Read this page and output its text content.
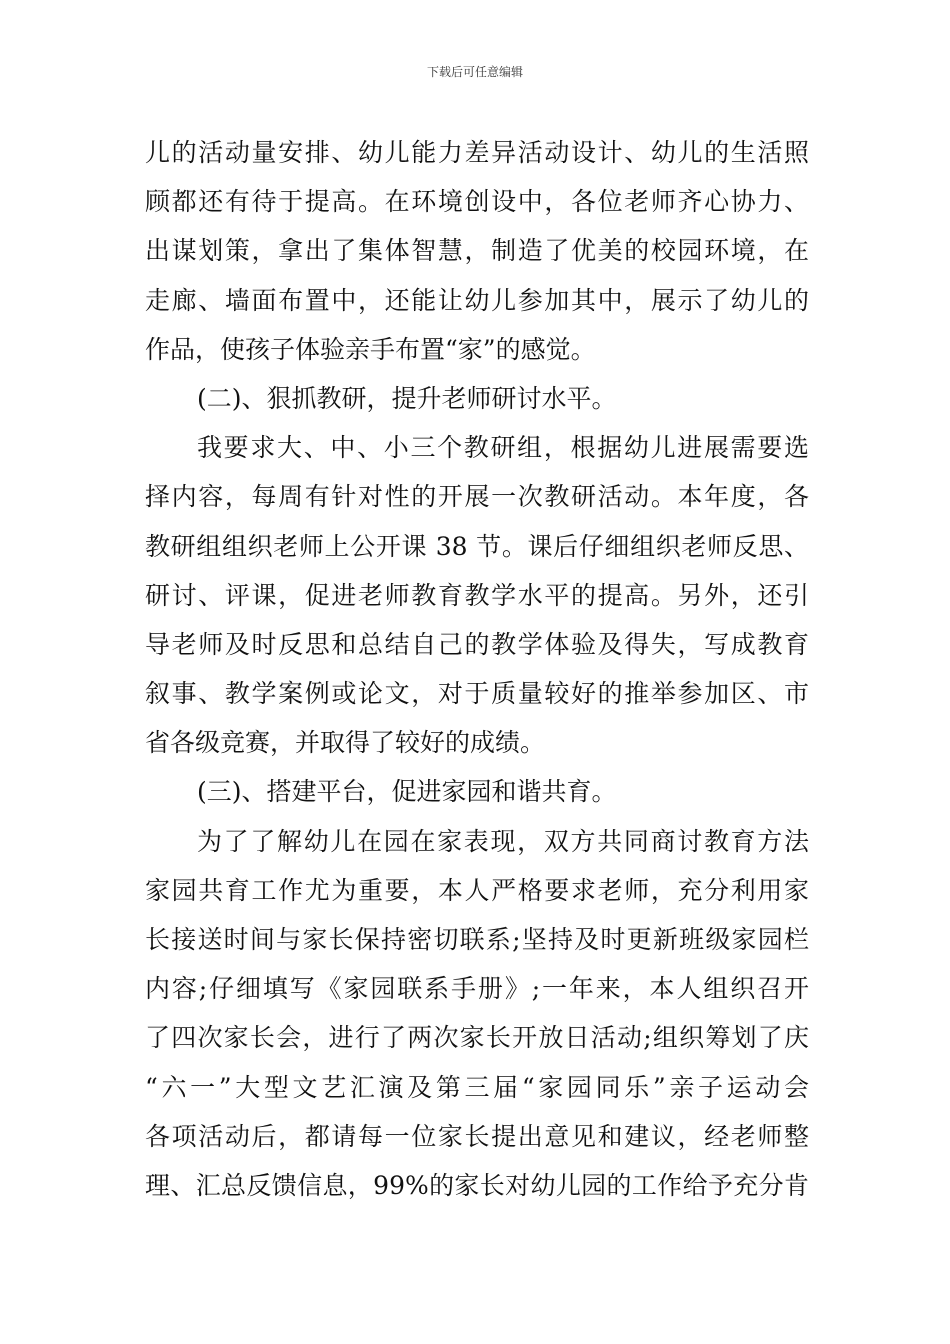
下载后可任意编辑
儿的活动量安排、幼儿能力差异活动设计、幼儿的生活照
顾都还有待于提高。在环境创设中，各位老师齐心协力、
出谋划策，拿出了集体智慧，制造了优美的校园环境，在
走廊、墙面布置中，还能让幼儿参加其中，展示了幼儿的
作品，使孩子体验亲手布置“家”的感觉。
(二)、狠抓教研，提升老师研讨水平。
我要求大、中、小三个教研组，根据幼儿进展需要选
择内容，每周有针对性的开展一次教研活动。本年度，各
教研组组织老师上公开课 38 节。课后仔细组织老师反思、
研讨、评课，促进老师教育教学水平的提高。另外，还引
导老师及时反思和总结自己的教学体验及得失，写成教育
叙事、教学案例或论文，对于质量较好的推举参加区、市
省各级竞赛，并取得了较好的成绩。
(三)、搭建平台，促进家园和谐共育。
为了了解幼儿在园在家表现，双方共同商讨教育方法
家园共育工作尤为重要，本人严格要求老师，充分利用家
长接送时间与家长保持密切联系;坚持及时更新班级家园栏
内容;仔细填写《家园联系手册》;一年来，本人组织召开
了四次家长会，进行了两次家长开放日活动;组织筹划了庆
“六一”大型文艺汇演及第三届“家园同乐”亲子运动会
各项活动后，都请每一位家长提出意见和建议，经老师整
理、汇总反馈信息，99%的家长对幼儿园的工作给予充分肯
